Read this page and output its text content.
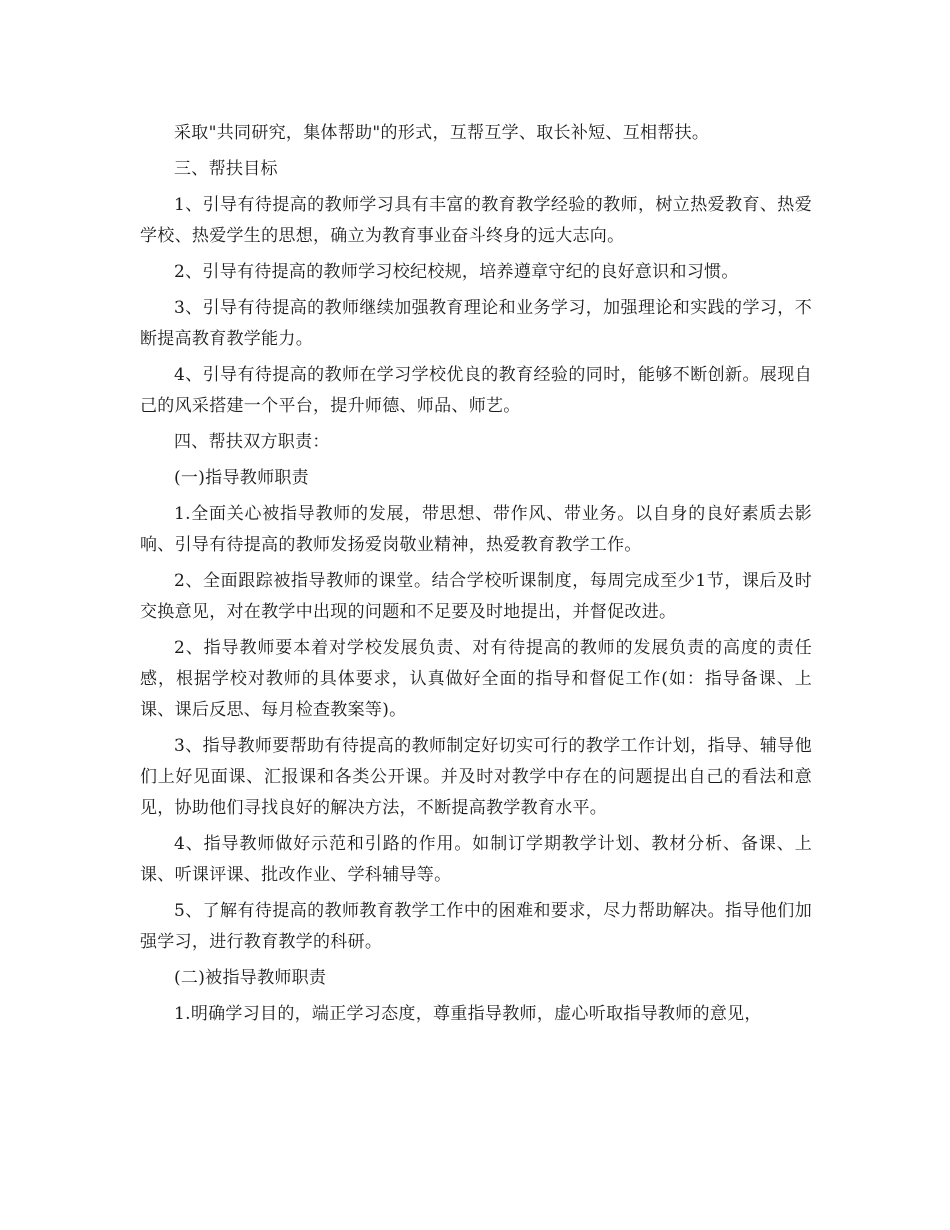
采取"共同研究，集体帮助"的形式，互帮互学、取长补短、互相帮扶。

三、帮扶目标

1、引导有待提高的教师学习具有丰富的教育教学经验的教师，树立热爱教育、热爱学校、热爱学生的思想，确立为教育事业奋斗终身的远大志向。

2、引导有待提高的教师学习校纪校规，培养遵章守纪的良好意识和习惯。

3、引导有待提高的教师继续加强教育理论和业务学习，加强理论和实践的学习，不断提高教育教学能力。

4、引导有待提高的教师在学习学校优良的教育经验的同时，能够不断创新。展现自己的风采搭建一个平台，提升师德、师品、师艺。

四、帮扶双方职责：

(一)指导教师职责

1.全面关心被指导教师的发展，带思想、带作风、带业务。以自身的良好素质去影响、引导有待提高的教师发扬爱岗敬业精神，热爱教育教学工作。

2、全面跟踪被指导教师的课堂。结合学校听课制度，每周完成至少1节，课后及时交换意见，对在教学中出现的问题和不足要及时地提出，并督促改进。

2、指导教师要本着对学校发展负责、对有待提高的教师的发展负责的高度的责任感，根据学校对教师的具体要求，认真做好全面的指导和督促工作(如：指导备课、上课、课后反思、每月检查教案等)。

3、指导教师要帮助有待提高的教师制定好切实可行的教学工作计划，指导、辅导他们上好见面课、汇报课和各类公开课。并及时对教学中存在的问题提出自己的看法和意见，协助他们寻找良好的解决方法，不断提高教学教育水平。

4、指导教师做好示范和引路的作用。如制订学期教学计划、教材分析、备课、上课、听课评课、批改作业、学科辅导等。

5、了解有待提高的教师教育教学工作中的困难和要求，尽力帮助解决。指导他们加强学习，进行教育教学的科研。

(二)被指导教师职责

1.明确学习目的，端正学习态度，尊重指导教师，虚心听取指导教师的意见，
